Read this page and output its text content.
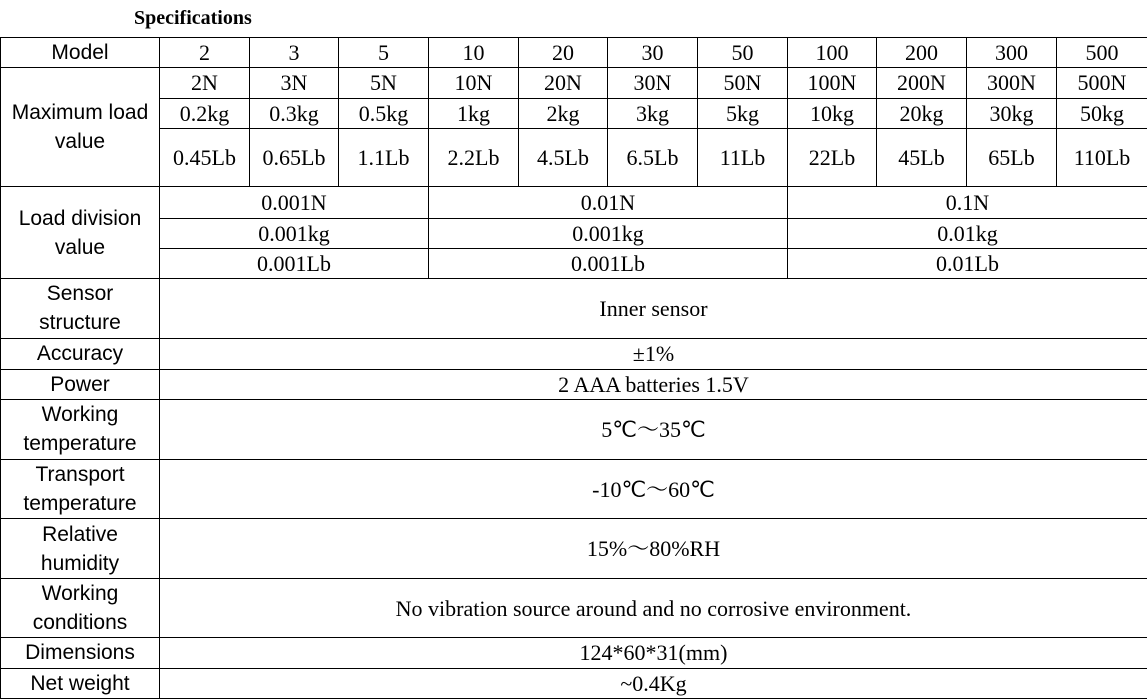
Specifications
Model	2	3	5	10	20	30	50	100	200	300	500
Maximum load value	2N	3N	5N	10N	20N	30N	50N	100N	200N	300N	500N
	0.2kg	0.3kg	0.5kg	1kg	2kg	3kg	5kg	10kg	20kg	30kg	50kg
	0.45Lb	0.65Lb	1.1Lb	2.2Lb	4.5Lb	6.5Lb	11Lb	22Lb	45Lb	65Lb	110Lb
Load division value	0.001N			0.01N				0.1N			
	0.001kg			0.001kg				0.01kg			
	0.001Lb			0.001Lb				0.01Lb			
Sensor structure	Inner sensor										
Accuracy	±1%										
Power	2 AAA batteries 1.5V										
Working temperature	5℃～35℃										
Transport temperature	-10℃～60℃										
Relative humidity	15%～80%RH										
Working conditions	No vibration source around and no corrosive environment.										
Dimensions	124*60*31(mm)										
Net weight	~0.4Kg										
